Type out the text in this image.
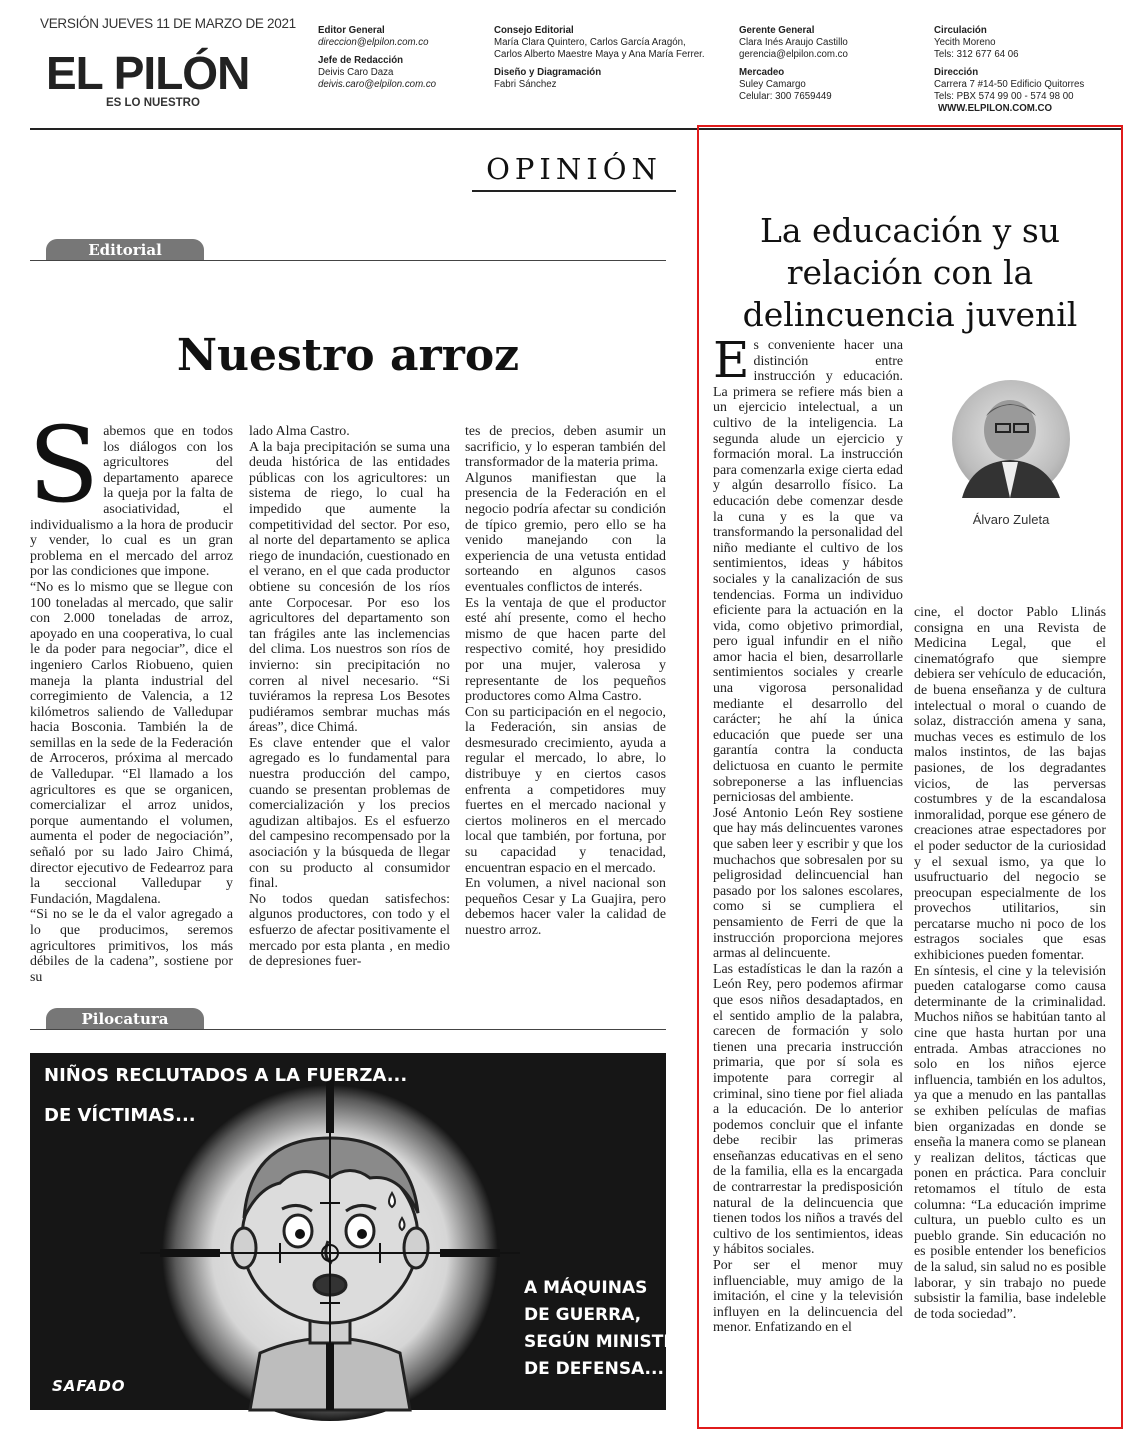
VERSIÓN JUEVES 11 DE MARZO DE 2021
EL PILÓN
ES LO NUESTRO
Editor General
direccion@elpilon.com.co
Jefe de Redacción
Deivis Caro Daza
deivis.caro@elpilon.com.co
Consejo Editorial
María Clara Quintero, Carlos García Aragón, Carlos Alberto Maestre Maya y Ana María Ferrer.
Diseño y Diagramación
Fabri Sánchez
Gerente General
Clara Inés Araujo Castillo
gerencia@elpilon.com.co
Mercadeo
Suley Camargo
Celular: 300 7659449
Circulación
Yecith Moreno
Tels: 312 677 64 06
Dirección
Carrera 7 #14-50 Edificio Quitorres
Tels: PBX 574 99 00 - 574 98 00
WWW.ELPILON.COM.CO
OPINIÓN
Editorial
Nuestro arroz
S abemos que en todos los diálogos con los agricultores del departamento aparece la queja por la falta de asociatividad, el individualismo a la hora de producir y vender, lo cual es un gran problema en el mercado del arroz por las condiciones que impone.

“No es lo mismo que se llegue con 100 toneladas al mercado, que salir con 2.000 toneladas de arroz, apoyado en una cooperativa, lo cual le da poder para negociar”, dice el ingeniero Carlos Riobueno, quien maneja la planta industrial del corregimiento de Valencia, a 12 kilómetros saliendo de Valledupar hacia Bosconia. También la de semillas en la sede de la Federación de Arroceros, próxima al mercado de Valledupar. “El llamado a los agricultores es que se organicen, comercializar el arroz unidos, porque aumentando el volumen, aumenta el poder de negociación”, señaló por su lado Jairo Chimá, director ejecutivo de Fedearroz para la seccional Valledupar y Fundación, Magdalena.

“Si no se le da el valor agregado a lo que producimos, seremos agricultores primitivos, los más débiles de la cadena”, sostiene por su

lado Alma Castro.

A la baja precipitación se suma una deuda histórica de las entidades públicas con los agricultores: un sistema de riego, lo cual ha impedido que aumente la competitividad del sector. Por eso, al norte del departamento se aplica riego de inundación, cuestionado en el verano, en el que cada productor obtiene su concesión de los ríos ante Corpocesar. Por eso los agricultores del departamento son tan frágiles ante las inclemencias del clima. Los nuestros son ríos de invierno: sin precipitación no corren al nivel necesario. “Si tuviéramos la represa Los Besotes pudiéramos sembrar muchas más áreas”, dice Chimá.

Es clave entender que el valor agregado es lo fundamental para nuestra producción del campo, cuando se presentan problemas de comercialización y los precios agudizan altibajos. Es el esfuerzo del campesino recompensado por la asociación y la búsqueda de llegar con su producto al consumidor final.

No todos quedan satisfechos: algunos productores, con todo y el esfuerzo de afectar positivamente el mercado por esta planta , en medio de depresiones fuer-

tes de precios, deben asumir un sacrificio, y lo esperan también del transformador de la materia prima.

Algunos manifiestan que la presencia de la Federación en el negocio podría afectar su condición de típico gremio, pero ello se ha venido manejando con la experiencia de una vetusta entidad sorteando en algunos casos eventuales conflictos de interés.

Es la ventaja de que el productor esté ahí presente, como el hecho mismo de que hacen parte del respectivo comité, hoy presidido por una mujer, valerosa y representante de los pequeños productores como Alma Castro.

Con su participación en el negocio, la Federación, sin ansias de desmesurado crecimiento, ayuda a regular el mercado, lo abre, lo distribuye y en ciertos casos enfrenta a competidores muy fuertes en el mercado nacional y ciertos molineros en el mercado local que también, por fortuna, por su capacidad y tenacidad, encuentran espacio en el mercado.

En volumen, a nivel nacional son pequeños Cesar y La Guajira, pero debemos hacer valer la calidad de nuestro arroz.

Pilocatura
NIÑOS RECLUTADOS A LA FUERZA...
DE VÍCTIMAS...
A MÁQUINAS
DE GUERRA,
SEGÚN MINISTRO
DE DEFENSA...
SAFADO
La educación y su relación con la delincuencia juvenil
Álvaro Zuleta
E s conveniente hacer una distinción entre instrucción y educación. La primera se refiere más bien a un ejercicio intelectual, a un cultivo de la inteligencia. La segunda alude un ejercicio y formación moral. La instrucción para comenzarla exige cierta edad y algún desarrollo físico. La educación debe comenzar desde la cuna y es la que va transformando la personalidad del niño mediante el cultivo de los sentimientos, ideas y hábitos sociales y la canalización de sus tendencias. Forma un individuo eficiente para la actuación en la vida, como objetivo primordial, pero igual infundir en el niño amor hacia el bien, desarrollarle sentimientos sociales y crearle una vigorosa personalidad mediante el desarrollo del carácter; he ahí la única educación que puede ser una garantía contra la conducta delictuosa en cuanto le permite sobreponerse a las influencias perniciosas del ambiente.

José Antonio León Rey sostiene que hay más delincuentes varones que saben leer y escribir y que los muchachos que sobresalen por su peligrosidad delincuencial han pasado por los salones escolares, como si se cumpliera el pensamiento de Ferri de que la instrucción proporciona mejores armas al delincuente.

Las estadísticas le dan la razón a León Rey, pero podemos afirmar que esos niños desadaptados, en el sentido amplio de la palabra, carecen de formación y solo tienen una precaria instrucción primaria, que por sí sola es impotente para corregir al criminal, sino tiene por fiel aliada a la educación. De lo anterior podemos concluir que el infante debe recibir las primeras enseñanzas educativas en el seno de la familia, ella es la encargada de contrarrestar la predisposición natural de la delincuencia que tienen todos los niños a través del cultivo de los sentimientos, ideas y hábitos sociales.

Por ser el menor muy influenciable, muy amigo de la imitación, el cine y la televisión influyen en la delincuencia del menor. Enfatizando en el

cine, el doctor Pablo Llinás consigna en una Revista de Medicina Legal, que el cinematógrafo que siempre debiera ser vehículo de educación, de buena enseñanza y de cultura intelectual o moral o cuando de solaz, distracción amena y sana, muchas veces es estimulo de los malos instintos, de las bajas pasiones, de los degradantes vicios, de las perversas costumbres y de la escandalosa inmoralidad, porque ese género de creaciones atrae espectadores por el poder seductor de la curiosidad y el sexual ismo, ya que lo usufructuario del negocio se preocupan especialmente de los provechos utilitarios, sin percatarse mucho ni poco de los estragos sociales que esas exhibiciones pueden fomentar.

En síntesis, el cine y la televisión pueden catalogarse como causa determinante de la criminalidad. Muchos niños se habitúan tanto al cine que hasta hurtan por una entrada. Ambas atracciones no solo en los niños ejerce influencia, también en los adultos, ya que a menudo en las pantallas se exhiben películas de mafias bien organizadas en donde se enseña la manera como se planean y realizan delitos, tácticas que ponen en práctica. Para concluir retomamos el título de esta columna: “La educación imprime cultura, un pueblo culto es un pueblo grande. Sin educación no es posible entender los beneficios de la salud, sin salud no es posible laborar, y sin trabajo no puede subsistir la familia, base indeleble de toda sociedad”.
